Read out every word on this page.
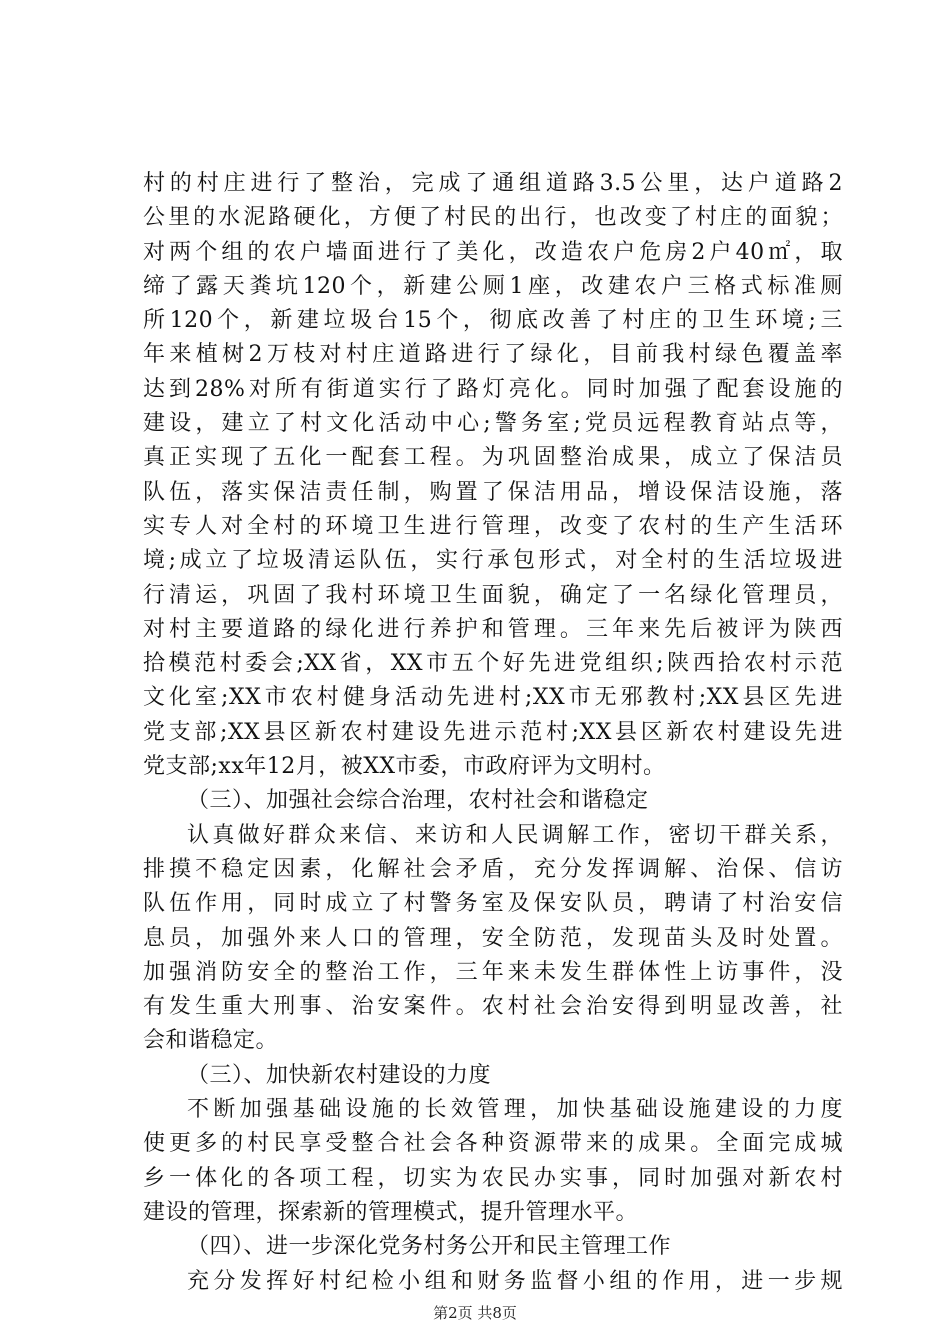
村的村庄进行了整治，完成了通组道路3.5公里，达户道路2
公里的水泥路硬化，方便了村民的出行，也改变了村庄的面貌；
对两个组的农户墙面进行了美化，改造农户危房2户40㎡，取
缔了露天粪坑120个，新建公厕1座，改建农户三格式标准厕
所120个，新建垃圾台15个，彻底改善了村庄的卫生环境;三
年来植树2万枝对村庄道路进行了绿化，目前我村绿色覆盖率
达到28%对所有街道实行了路灯亮化。同时加强了配套设施的
建设，建立了村文化活动中心;警务室;党员远程教育站点等，
真正实现了五化一配套工程。为巩固整治成果，成立了保洁员
队伍，落实保洁责任制，购置了保洁用品，增设保洁设施，落
实专人对全村的环境卫生进行管理，改变了农村的生产生活环
境;成立了垃圾清运队伍，实行承包形式，对全村的生活垃圾进
行清运，巩固了我村环境卫生面貌，确定了一名绿化管理员，
对村主要道路的绿化进行养护和管理。三年来先后被评为陕西
拾模范村委会;XX省，XX市五个好先进党组织;陕西拾农村示范
文化室;XX市农村健身活动先进村;XX市无邪教村;XX县区先进
党支部;XX县区新农村建设先进示范村;XX县区新农村建设先进
党支部;xx年12月，被XX市委，市政府评为文明村。
（三）、加强社会综合治理，农村社会和谐稳定
认真做好群众来信、来访和人民调解工作，密切干群关系，
排摸不稳定因素，化解社会矛盾，充分发挥调解、治保、信访
队伍作用，同时成立了村警务室及保安队员，聘请了村治安信
息员，加强外来人口的管理，安全防范，发现苗头及时处置。
加强消防安全的整治工作，三年来未发生群体性上访事件，没
有发生重大刑事、治安案件。农村社会治安得到明显改善，社
会和谐稳定。
（三）、加快新农村建设的力度
不断加强基础设施的长效管理，加快基础设施建设的力度
使更多的村民享受整合社会各种资源带来的成果。全面完成城
乡一体化的各项工程，切实为农民办实事，同时加强对新农村
建设的管理，探索新的管理模式，提升管理水平。
（四）、进一步深化党务村务公开和民主管理工作
充分发挥好村纪检小组和财务监督小组的作用，进一步规
第2页 共8页
